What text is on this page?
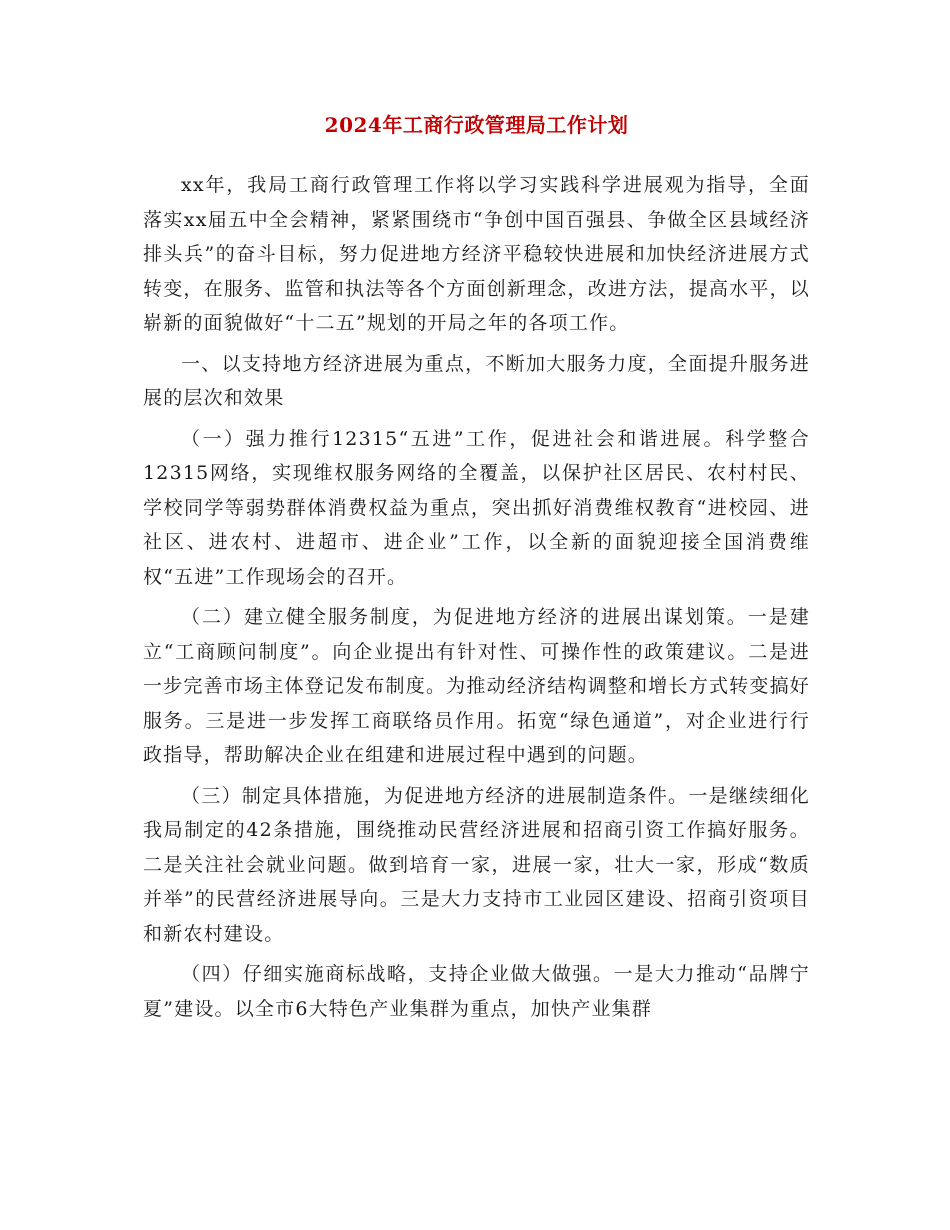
2024年工商行政管理局工作计划

xx年，我局工商行政管理工作将以学习实践科学进展观为指导，全面落实xx届五中全会精神，紧紧围绕市“争创中国百强县、争做全区县域经济排头兵”的奋斗目标，努力促进地方经济平稳较快进展和加快经济进展方式转变，在服务、监管和执法等各个方面创新理念，改进方法，提高水平，以崭新的面貌做好“十二五”规划的开局之年的各项工作。

一、以支持地方经济进展为重点，不断加大服务力度，全面提升服务进展的层次和效果

（一）强力推行12315“五进”工作，促进社会和谐进展。科学整合12315网络，实现维权服务网络的全覆盖，以保护社区居民、农村村民、学校同学等弱势群体消费权益为重点，突出抓好消费维权教育“进校园、进社区、进农村、进超市、进企业”工作，以全新的面貌迎接全国消费维权“五进”工作现场会的召开。

（二）建立健全服务制度，为促进地方经济的进展出谋划策。一是建立“工商顾问制度”。向企业提出有针对性、可操作性的政策建议。二是进一步完善市场主体登记发布制度。为推动经济结构调整和增长方式转变搞好服务。三是进一步发挥工商联络员作用。拓宽“绿色通道”，对企业进行行政指导，帮助解决企业在组建和进展过程中遇到的问题。

（三）制定具体措施，为促进地方经济的进展制造条件。一是继续细化我局制定的42条措施，围绕推动民营经济进展和招商引资工作搞好服务。二是关注社会就业问题。做到培育一家，进展一家，壮大一家，形成“数质并举”的民营经济进展导向。三是大力支持市工业园区建设、招商引资项目和新农村建设。

（四）仔细实施商标战略，支持企业做大做强。一是大力推动“品牌宁夏”建设。以全市6大特色产业集群为重点，加快产业集群
